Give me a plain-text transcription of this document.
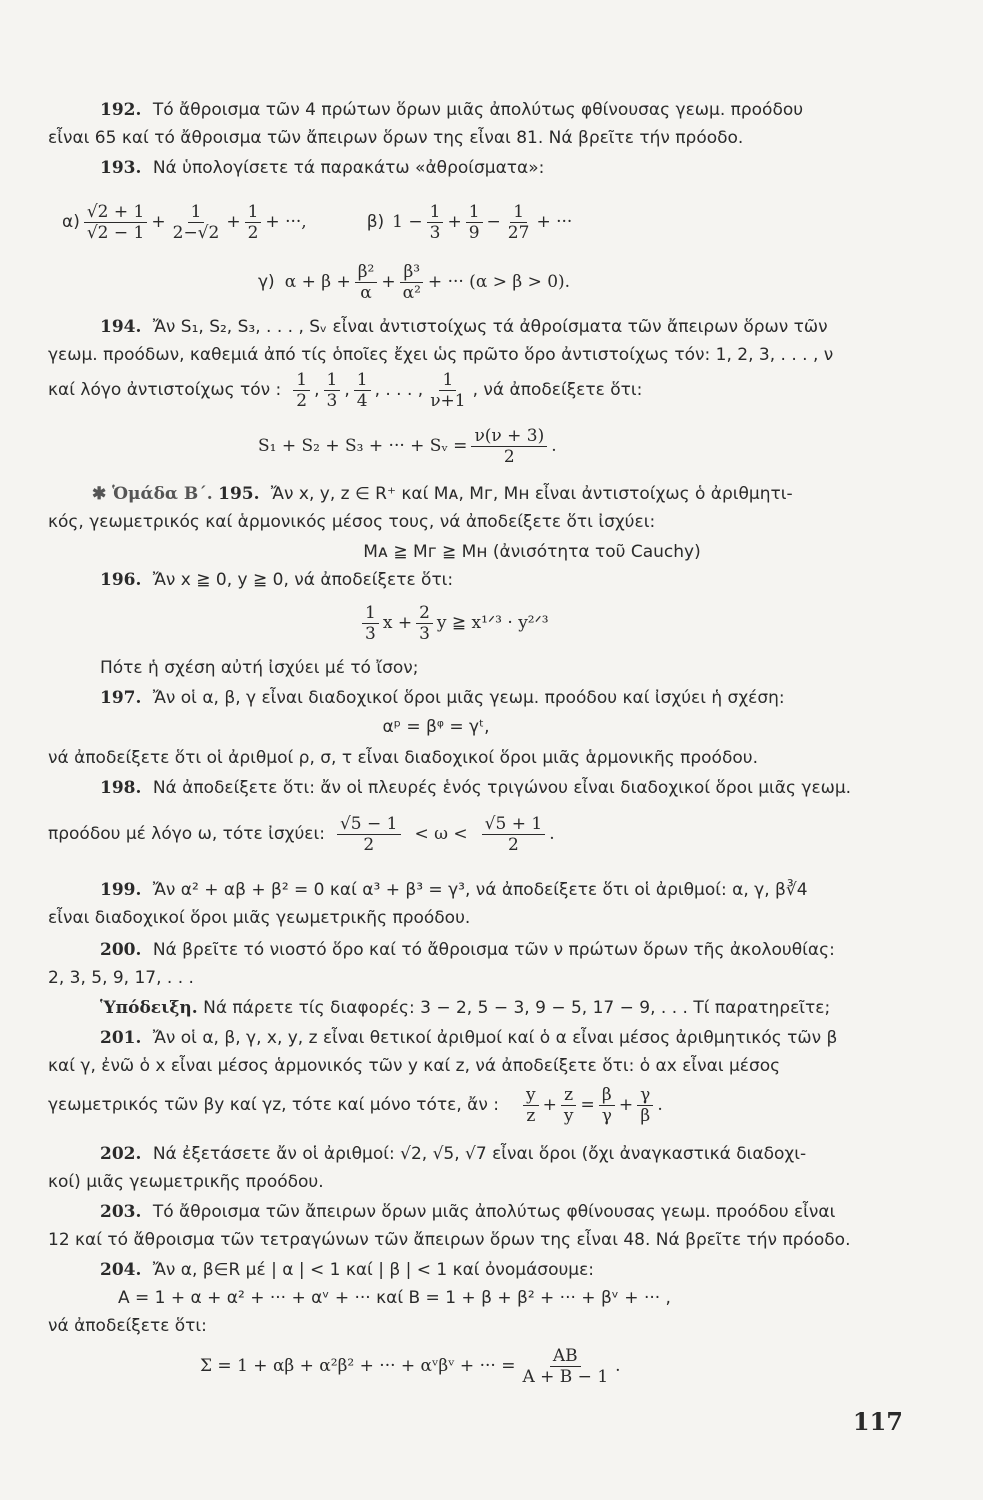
192. Τό ἄθροισμα τῶν 4 πρώτων ὅρων μιᾶς ἀπολύτως φθίνουσας γεωμ. προόδου
εἶναι 65 καί τό ἄθροισμα τῶν ἄπειρων ὅρων της εἶναι 81. Νά βρεῖτε τήν πρόοδο.
193. Νά ὑπολογίσετε τά παρακάτω «ἀθροίσματα»:
$\alpha) \frac{√2 + 1}{√2 - 1} + \frac{1}{2-√2} + \frac{1}{2}$ + ···,	β) $1 - \frac{1}{3} + \frac{1}{9} - \frac{1}{27}$ + ···
γ) $\alpha + \beta + \frac{\text{β²}}{\alpha} + \frac{\text{β³}}{\text{α²}}$ + ··· (α > β > 0).
194. Ἄν S₁, S₂, S₃, . . . , Sᵥ εἶναι ἀντιστοίχως τά ἀθροίσματα τῶν ἄπειρων ὅρων τῶν
γεωμ. προόδων, καθεμιά ἀπό τίς ὁποῖες ἔχει ὡς πρῶτο ὅρο ἀντιστοίχως τόν: 1, 2, 3, . . . , ν
καί λόγο ἀντιστοίχως τόν : $\frac{1}{2}$ , $\frac{1}{3}$ , $\frac{1}{4}$ , . . . , $\frac{1}{\nu+1}$ , νά ἀποδείξετε ὅτι:
S₁ + S₂ + S₃ + ··· + Sᵥ = $\frac{\nu(\nu + 3)}{2}$ .
✱ Ὁμάδα Β΄. 195. Ἄν x, y, z ∈ R⁺ καί Mᴀ, Mг, Mʜ εἶναι ἀντιστοίχως ὁ ἀριθμητι-
κός, γεωμετρικός καί ἁρμονικός μέσος τους, νά ἀποδείξετε ὅτι ἰσχύει:
Mᴀ ≧ Mг ≧ Mʜ (ἀνισότητα τοῦ Cauchy)
196. Ἄν x ≧ 0, y ≧ 0, νά ἀποδείξετε ὅτι:
$\frac{1}{3}$ $x + \frac{2}{3}$ y ≧ x¹ᐟ³ · y²ᐟ³
Πότε ἡ σχέση αὐτή ἰσχύει μέ τό ἴσον;
197. Ἄν οἱ α, β, γ εἶναι διαδοχικοί ὅροι μιᾶς γεωμ. προόδου καί ἰσχύει ἡ σχέση:
αᵖ = βᵠ = γᵗ,
νά ἀποδείξετε ὅτι οἱ ἀριθμοί ρ, σ, τ εἶναι διαδοχικοί ὅροι μιᾶς ἁρμονικῆς προόδου.
198. Νά ἀποδείξετε ὅτι: ἄν οἱ πλευρές ἑνός τριγώνου εἶναι διαδοχικοί ὅροι μιᾶς γεωμ.
προόδου μέ λόγο ω, τότε ἰσχύει: $\frac{√5 - 1}{2} < \omega < \frac{√5 + 1}{2}$ .
199. Ἄν α² + αβ + β² = 0 καί α³ + β³ = γ³, νά ἀποδείξετε ὅτι οἱ ἀριθμοί: α, γ, β∛4
εἶναι διαδοχικοί ὅροι μιᾶς γεωμετρικῆς προόδου.
200. Νά βρεῖτε τό νιοστό ὅρο καί τό ἄθροισμα τῶν ν πρώτων ὅρων τῆς ἀκολουθίας:
2, 3, 5, 9, 17, . . .
Ὑπόδειξη. Νά πάρετε τίς διαφορές: 3 − 2, 5 − 3, 9 − 5, 17 − 9, . . . Τί παρατηρεῖτε;
201. Ἄν οἱ α, β, γ, x, y, z εἶναι θετικοί ἀριθμοί καί ὁ α εἶναι μέσος ἀριθμητικός τῶν β
καί γ, ἐνῶ ὁ x εἶναι μέσος ἁρμονικός τῶν y καί z, νά ἀποδείξετε ὅτι: ὁ αx εἶναι μέσος
γεωμετρικός τῶν βy καί γz, τότε καί μόνο τότε, ἄν : $\frac{y}{z} + \frac{z}{y} = \frac{\beta}{\gamma} + \frac{\gamma}{\beta}$ .
202. Νά ἐξετάσετε ἄν οἱ ἀριθμοί: √2, √5, √7 εἶναι ὅροι (ὄχι ἀναγκαστικά διαδοχι-
κοί) μιᾶς γεωμετρικῆς προόδου.
203. Τό ἄθροισμα τῶν ἄπειρων ὅρων μιᾶς ἀπολύτως φθίνουσας γεωμ. προόδου εἶναι
12 καί τό ἄθροισμα τῶν τετραγώνων τῶν ἄπειρων ὅρων της εἶναι 48. Νά βρεῖτε τήν πρόοδο.
204. Ἄν α, β∈R μέ | α | < 1 καί | β | < 1 καί ὀνομάσουμε:
A = 1 + α + α² + ··· + αᵛ + ··· καί B = 1 + β + β² + ··· + βᵛ + ··· ,
νά ἀποδείξετε ὅτι:
Σ = 1 + αβ + α²β² + ··· + αᵛβᵛ + ··· = $\frac{AB}{A + B - 1}$ .
117
